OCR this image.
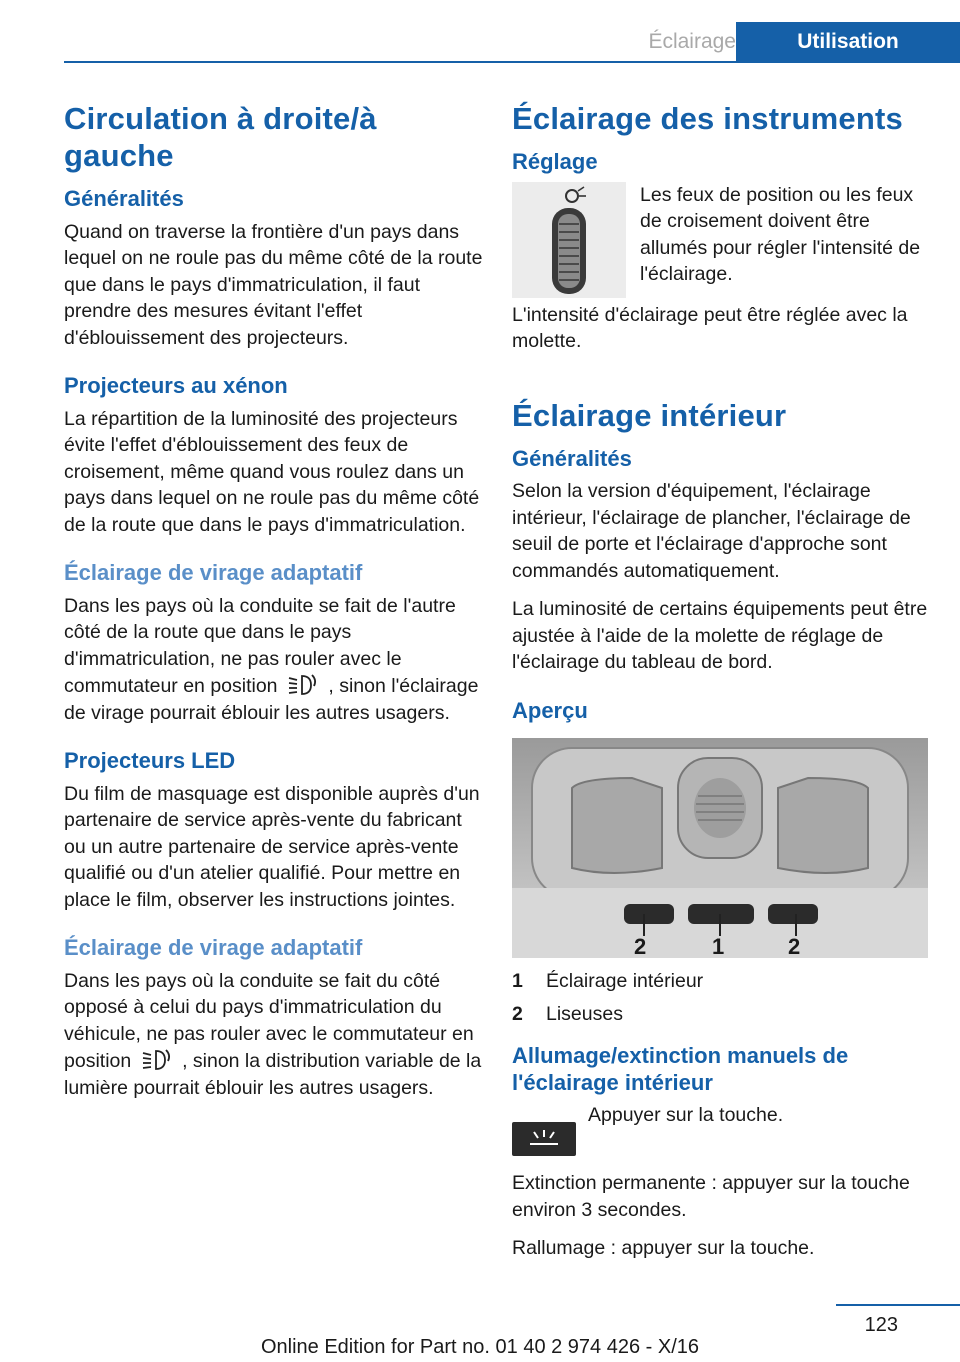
Éclairage	Utilisation
Circulation à droite/à gauche
Généralités

Quand on traverse la frontière d'un pays dans lequel on ne roule pas du même côté de la route que dans le pays d'immatriculation, il faut prendre des mesures évitant l'effet d'éblouissement des projecteurs.

Projecteurs au xénon

La répartition de la luminosité des projecteurs évite l'effet d'éblouissement des feux de croisement, même quand vous roulez dans un pays dans lequel on ne roule pas du même côté de la route que dans le pays d'immatriculation.

Éclairage de virage adaptatif

Dans les pays où la conduite se fait de l'autre côté de la route que dans le pays d'immatriculation, ne pas rouler avec le commutateur en position	, sinon l'éclairage de virage pourrait éblouir les autres usagers.

Projecteurs LED

Du film de masquage est disponible auprès d'un partenaire de service après-vente du fabricant ou un autre partenaire de service après-vente qualifié ou d'un atelier qualifié. Pour mettre en place le film, observer les instructions jointes.

Éclairage de virage adaptatif

Dans les pays où la conduite se fait du côté opposé à celui du pays d'immatriculation du véhicule, ne pas rouler avec le commutateur en position	, sinon la distribution variable de la lumière pourrait éblouir les autres usagers.

Éclairage des instruments
Réglage

Les feux de position ou les feux de croisement doivent être allumés pour régler l'intensité de l'éclairage.

L'intensité d'éclairage peut être réglée avec la molette.

Éclairage intérieur
Généralités

Selon la version d'équipement, l'éclairage intérieur, l'éclairage de plancher, l'éclairage de seuil de porte et l'éclairage d'approche sont commandés automatiquement.

La luminosité de certains équipements peut être ajustée à l'aide de la molette de réglage de l'éclairage du tableau de bord.

Aperçu
2	1	2
1	Éclairage intérieur
2	Liseuses
Allumage/extinction manuels de l'éclairage intérieur

Appuyer sur la touche.

Extinction permanente : appuyer sur la touche environ 3 secondes.

Rallumage : appuyer sur la touche.

123
Online Edition for Part no. 01 40 2 974 426 - X/16
